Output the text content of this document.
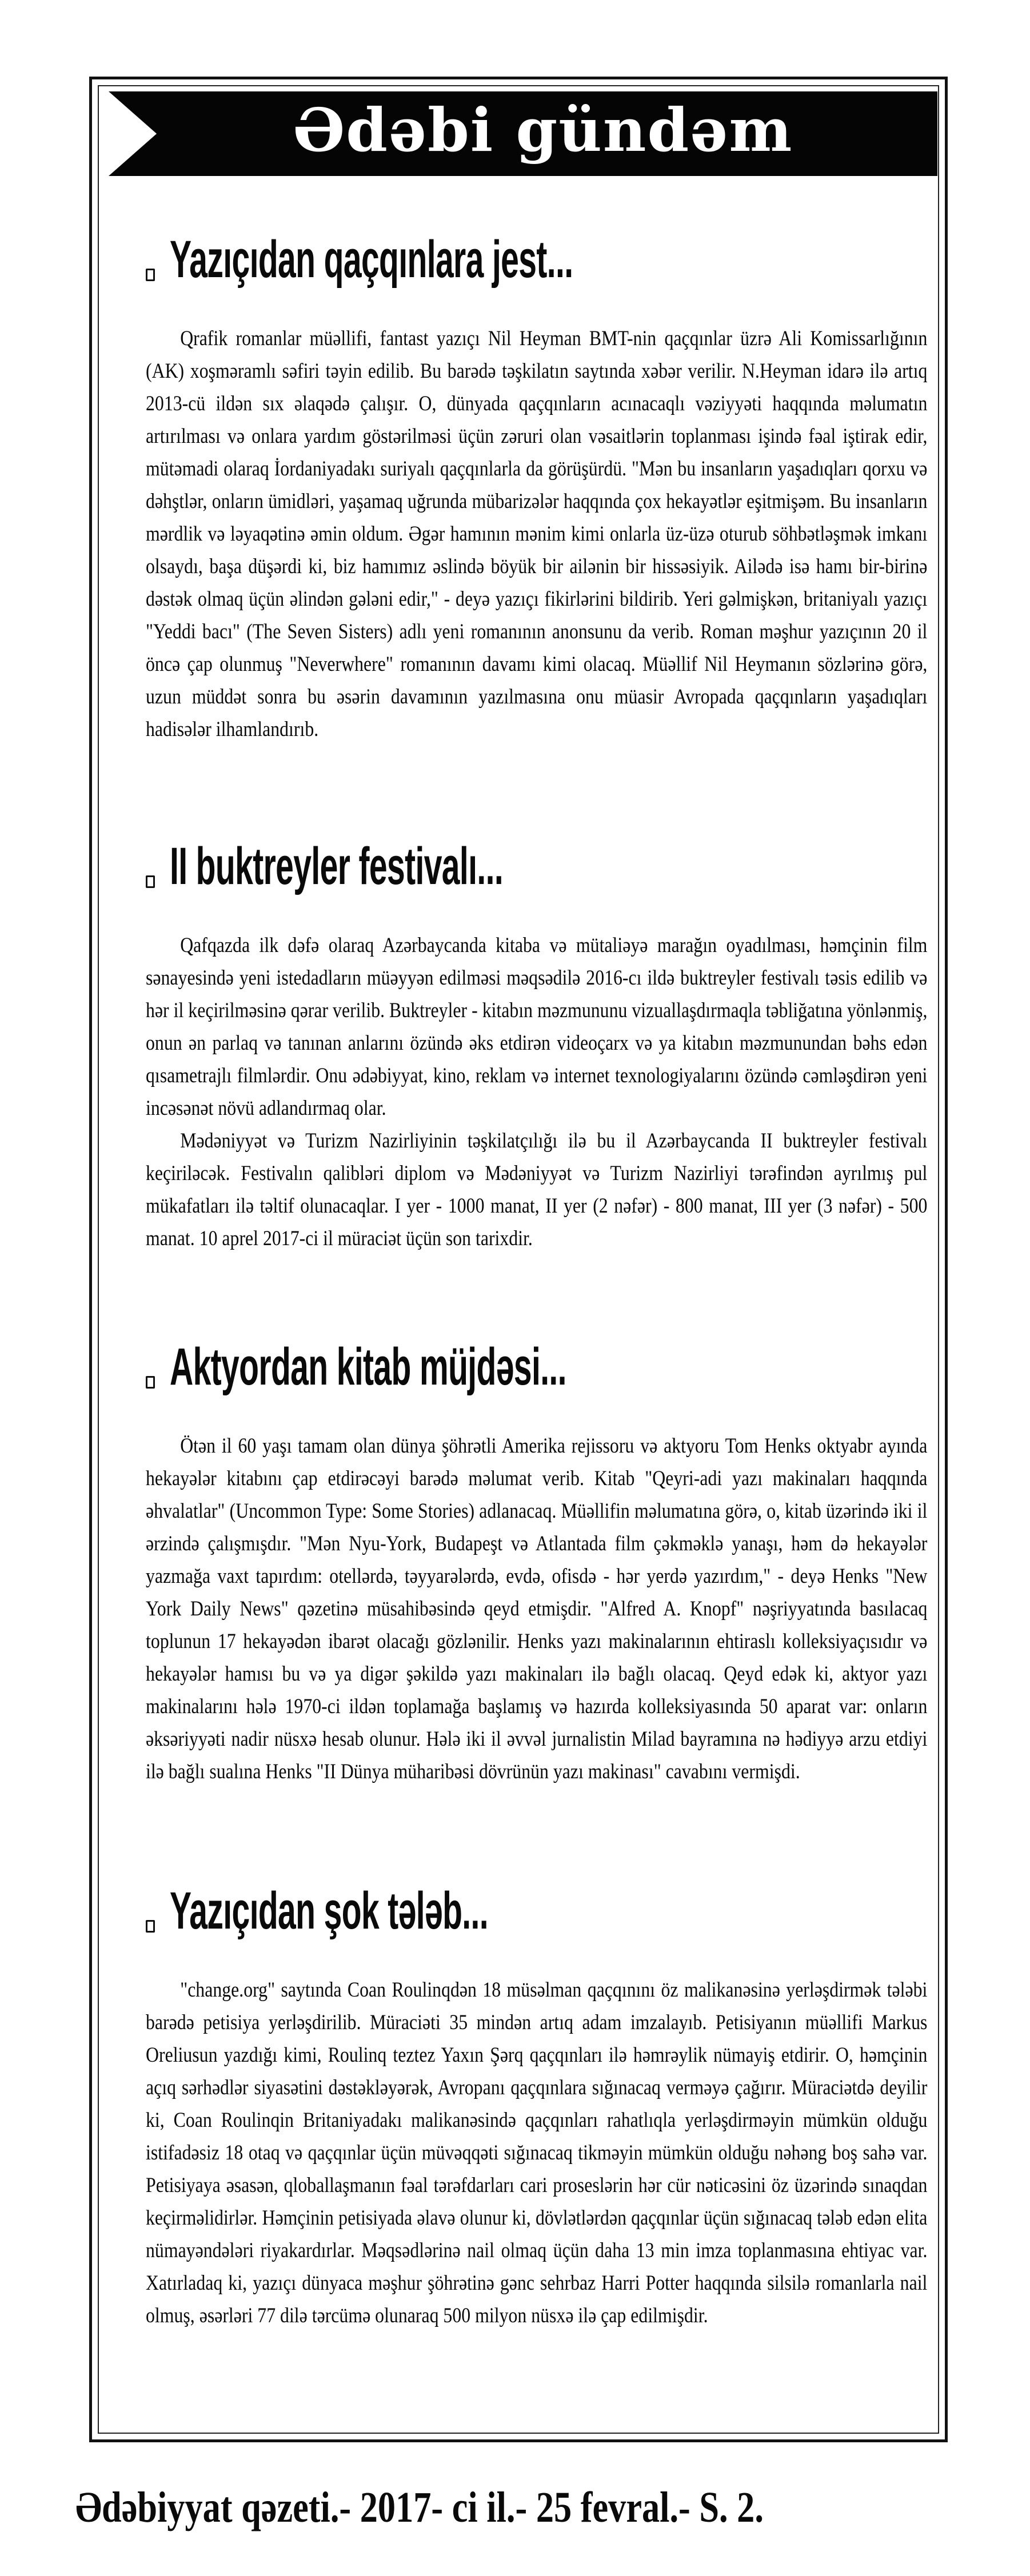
Ədəbi gündəm
Yazıçıdan qaçqınlara jest...

Qrafik romanlar müəllifi, fantast yazıçı Nil Heyman BMT-nin qaçqınlar üzrə Ali Komissarlığının (AK) xoşməramlı səfiri təyin edilib. Bu barədə təşkilatın saytında xəbər verilir. N.Heyman idarə ilə artıq 2013-cü ildən sıx əlaqədə çalışır. O, dünyada qaçqınların acınacaqlı vəziyyəti haqqında məlumatın artırılması və onlara yardım göstərilməsi üçün zəruri olan vəsaitlərin toplanması işində fəal iştirak edir, mütəmadi olaraq İordaniyadakı suriyalı qaçqınlarla da görüşürdü. "Mən bu insanların yaşadıqları qorxu və dəhştlər, onların ümidləri, yaşamaq uğrunda mübarizələr haqqında çox hekayətlər eşitmişəm. Bu insanların mərdlik və ləyaqətinə əmin oldum. Əgər hamının mənim kimi onlarla üz-üzə oturub söhbətləşmək imkanı olsaydı, başa düşərdi ki, biz hamımız əslində böyük bir ailənin bir hissəsiyik. Ailədə isə hamı bir-birinə dəstək olmaq üçün əlindən gələni edir," - deyə yazıçı fikirlərini bildirib. Yeri gəlmişkən, britaniyalı yazıçı "Yeddi bacı" (The Seven Sisters) adlı yeni romanının anonsunu da verib. Roman məşhur yazıçının 20 il öncə çap olunmuş "Neverwhere" romanının davamı kimi olacaq. Müəllif Nil Heymanın sözlərinə görə, uzun müddət sonra bu əsərin davamının yazılmasına onu müasir Avropada qaçqınların yaşadıqları hadisələr ilhamlandırıb.

II buktreyler festivalı...

Qafqazda ilk dəfə olaraq Azərbaycanda kitaba və mütaliəyə marağın oyadılması, həmçinin film sənayesində yeni istedadların müəyyən edilməsi məqsədilə 2016-cı ildə buktreyler festivalı təsis edilib və hər il keçirilməsinə qərar verilib. Buktreyler - kitabın məzmununu vizuallaşdırmaqla təbliğatına yönlənmiş, onun ən parlaq və tanınan anlarını özündə əks etdirən videoçarx və ya kitabın məzmunundan bəhs edən qısametrajlı filmlərdir. Onu ədəbiyyat, kino, reklam və internet texnologiyalarını özündə cəmləşdirən yeni incəsənət növü adlandırmaq olar.

Mədəniyyət və Turizm Nazirliyinin təşkilatçılığı ilə bu il Azərbaycanda II buktreyler festivalı keçiriləcək. Festivalın qalibləri diplom və Mədəniyyət və Turizm Nazirliyi tərəfindən ayrılmış pul mükafatları ilə təltif olunacaqlar. I yer - 1000 manat, II yer (2 nəfər) - 800 manat, III yer (3 nəfər) - 500 manat. 10 aprel 2017-ci il müraciət üçün son tarixdir.

Aktyordan kitab müjdəsi...

Ötən il 60 yaşı tamam olan dünya şöhrətli Amerika rejissoru və aktyoru Tom Henks oktyabr ayında hekayələr kitabını çap etdirəcəyi barədə məlumat verib. Kitab "Qeyri-adi yazı makinaları haqqında əhvalatlar" (Uncommon Type: Some Stories) adlanacaq. Müəllifin məlumatına görə, o, kitab üzərində iki il ərzində çalışmışdır. "Mən Nyu-York, Budapeşt və Atlantada film çəkməklə yanaşı, həm də hekayələr yazmağa vaxt tapırdım: otellərdə, təyyarələrdə, evdə, ofisdə - hər yerdə yazırdım," - deyə Henks "New York Daily News" qəzetinə müsahibəsində qeyd etmişdir. "Alfred A. Knopf" nəşriyyatında basılacaq toplunun 17 hekayədən ibarət olacağı gözlənilir. Henks yazı makinalarının ehtiraslı kolleksiyaçısıdır və hekayələr hamısı bu və ya digər şəkildə yazı makinaları ilə bağlı olacaq. Qeyd edək ki, aktyor yazı makinalarını hələ 1970-ci ildən toplamağa başlamış və hazırda kolleksiyasında 50 aparat var: onların əksəriyyəti nadir nüsxə hesab olunur. Hələ iki il əvvəl jurnalistin Milad bayramına nə hədiyyə arzu etdiyi ilə bağlı sualına Henks "II Dünya müharibəsi dövrünün yazı makinası" cavabını vermişdi.

Yazıçıdan şok tələb...

"change.org" saytında Coan Roulinqdən 18 müsəlman qaçqınını öz malikanəsinə yerləşdirmək tələbi barədə petisiya yerləşdirilib. Müraciəti 35 mindən artıq adam imzalayıb. Petisiyanın müəllifi Markus Oreliusun yazdığı kimi, Roulinq teztez Yaxın Şərq qaçqınları ilə həmrəylik nümayiş etdirir. O, həmçinin açıq sərhədlər siyasətini dəstəkləyərək, Avropanı qaçqınlara sığınacaq verməyə çağırır. Müraciətdə deyilir ki, Coan Roulinqin Britaniyadakı malikanəsində qaçqınları rahatlıqla yerləşdirməyin mümkün olduğu istifadəsiz 18 otaq və qaçqınlar üçün müvəqqəti sığınacaq tikməyin mümkün olduğu nəhəng boş sahə var. Petisiyaya əsasən, qloballaşmanın fəal tərəfdarları cari proseslərin hər cür nəticəsini öz üzərində sınaqdan keçirməlidirlər. Həmçinin petisiyada əlavə olunur ki, dövlətlərdən qaçqınlar üçün sığınacaq tələb edən elita nümayəndələri riyakardırlar. Məqsədlərinə nail olmaq üçün daha 13 min imza toplanmasına ehtiyac var. Xatırladaq ki, yazıçı dünyaca məşhur şöhrətinə gənc sehrbaz Harri Potter haqqında silsilə romanlarla nail olmuş, əsərləri 77 dilə tərcümə olunaraq 500 milyon nüsxə ilə çap edilmişdir.

Ədəbiyyat qəzeti.- 2017- ci il.- 25 fevral.- S. 2.
